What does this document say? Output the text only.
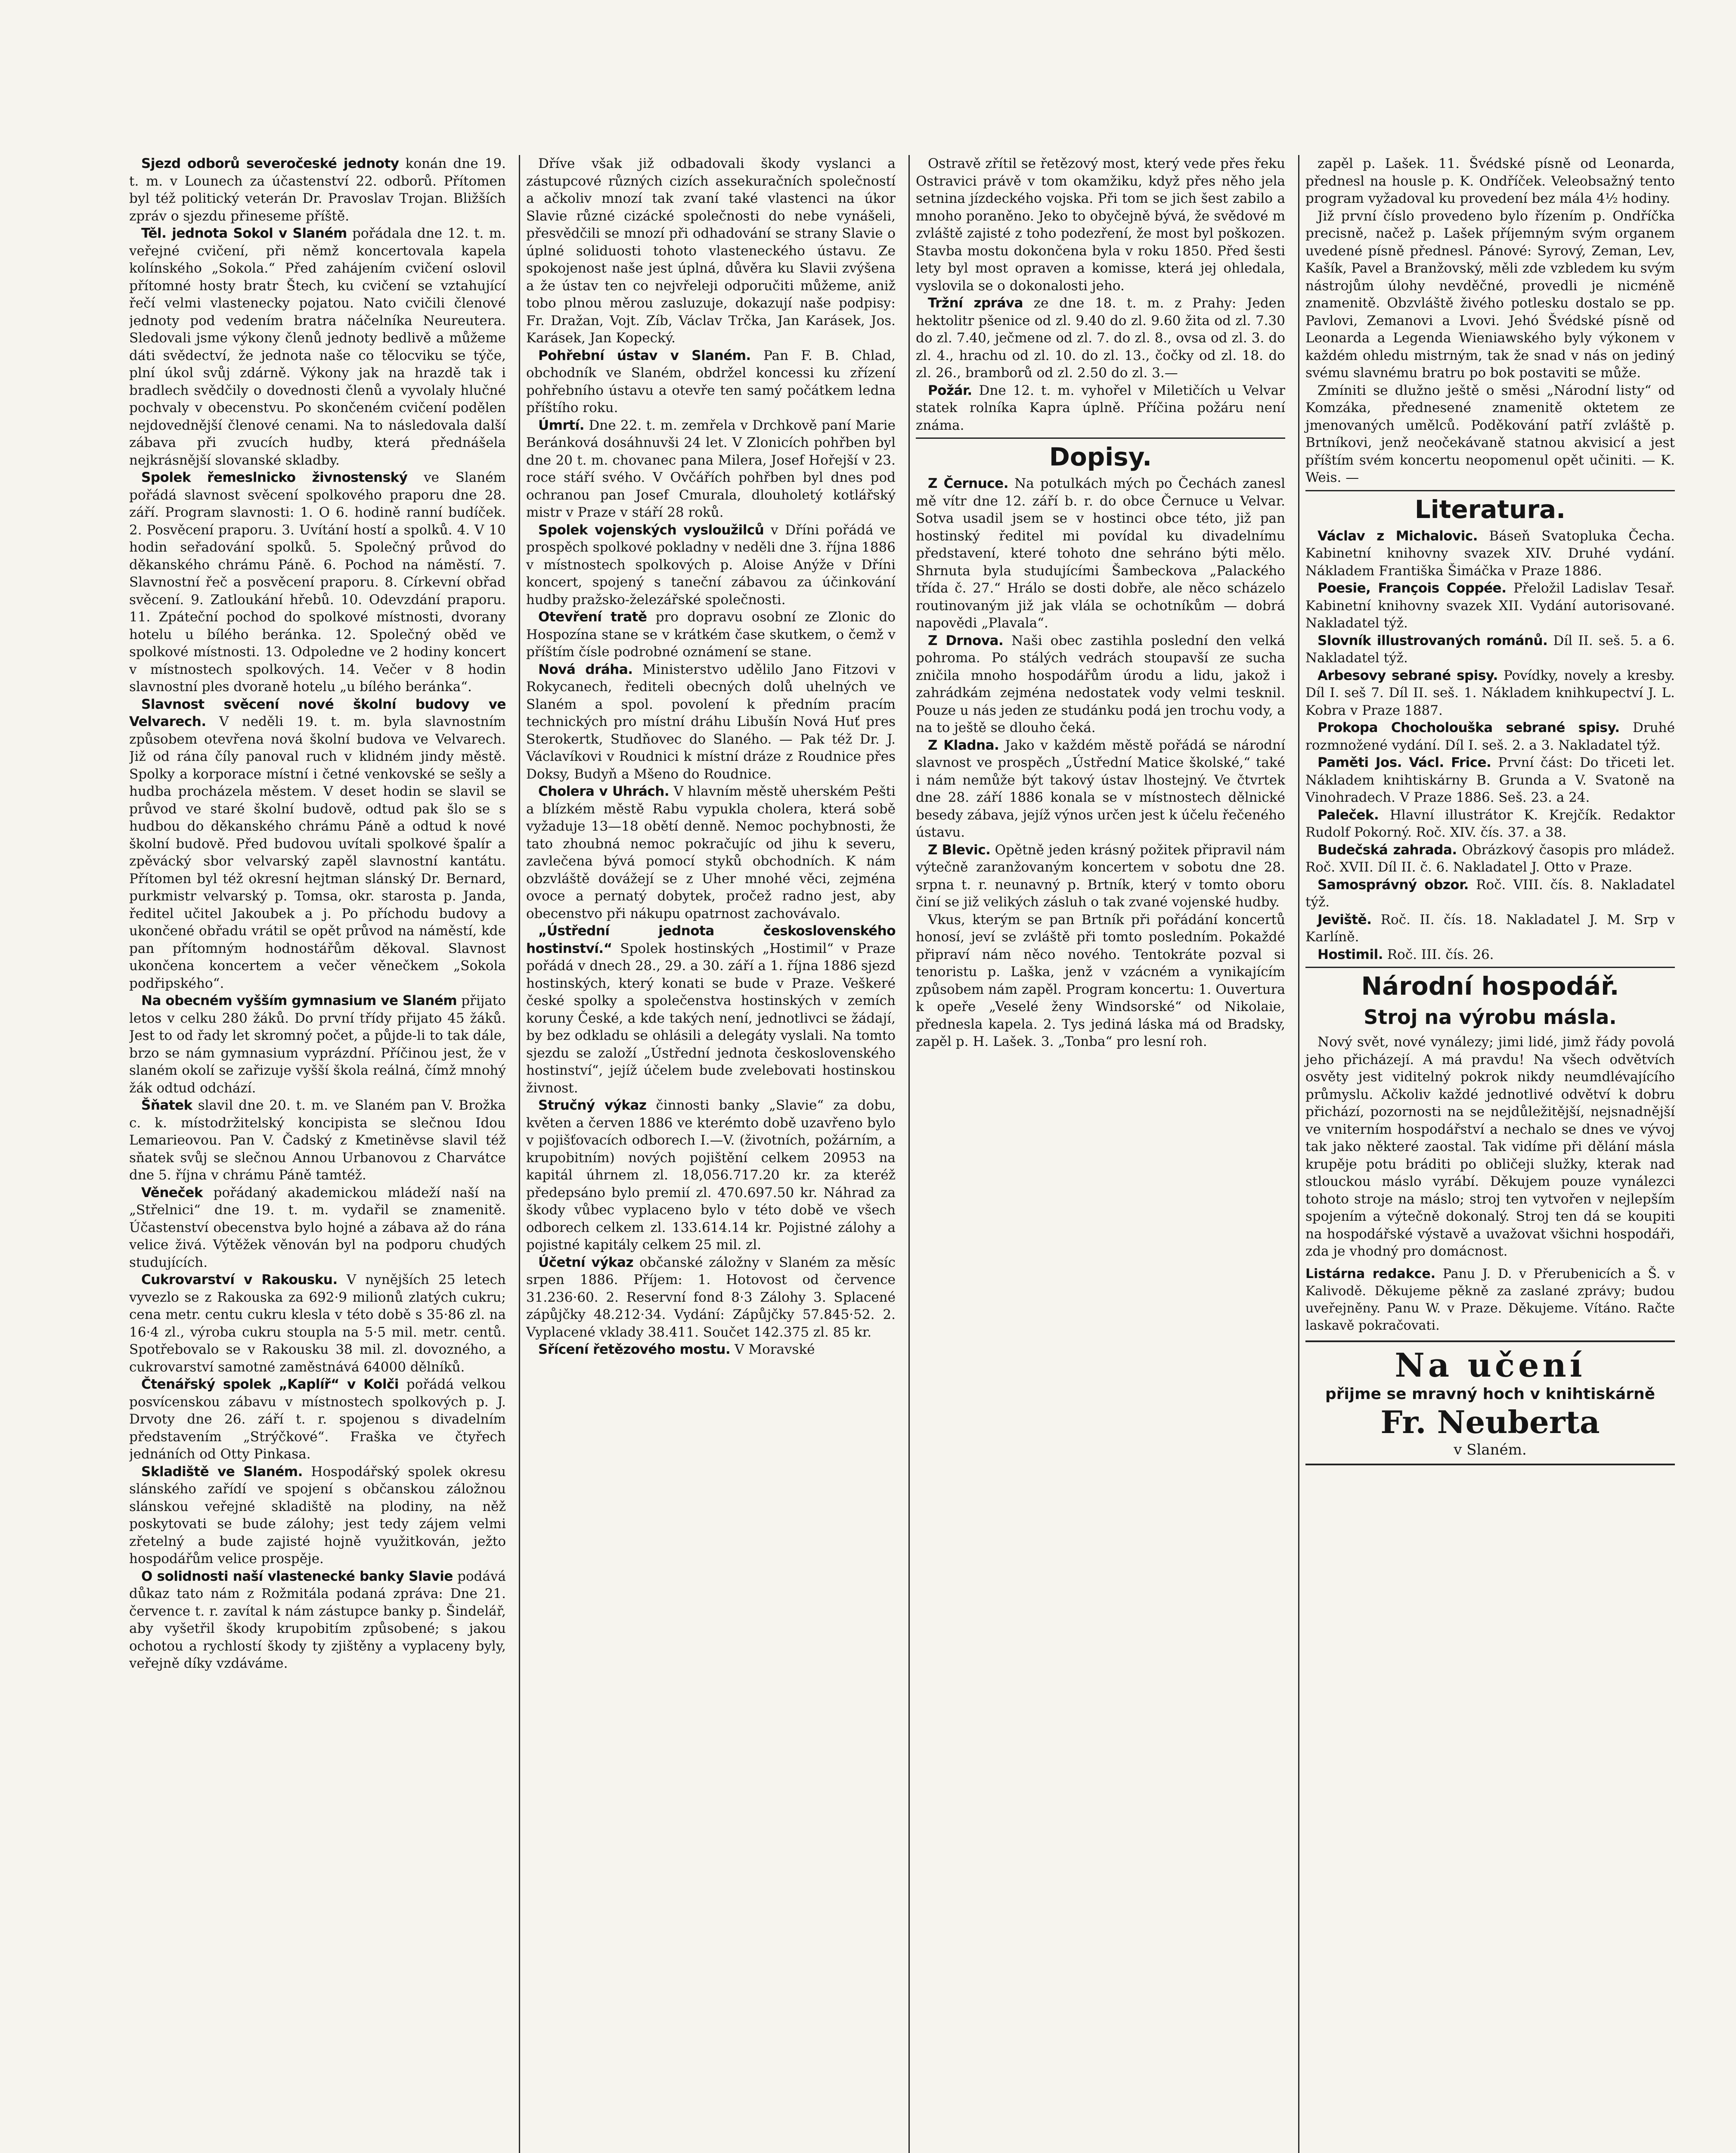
Sjezd odborů severočeské jednoty konán dne 19. t. m. v Lounech za účastenství 22. odborů. Přítomen byl též politický veterán Dr. Pravoslav Trojan. Bližších zpráv o sjezdu přineseme příště.

Těl. jednota Sokol v Slaném pořádala dne 12. t. m. veřejné cvičení, při němž koncertovala kapela kolínského „Sokola.“ Před zahájením cvičení oslovil přítomné hosty bratr Štech, ku cvičení se vztahující řečí velmi vlastenecky pojatou. Nato cvičili členové jednoty pod vedením bratra náčelníka Neureutera. Sledovali jsme výkony členů jednoty bedlivě a můžeme dáti svědectví, že jednota naše co tělocviku se týče, plní úkol svůj zdárně. Výkony jak na hrazdě tak i bradlech svědčily o dovednosti členů a vyvolaly hlučné pochvaly v obecenstvu. Po skončeném cvičení podělen nejdovednější členové cenami. Na to následovala další zábava při zvucích hudby, která přednášela nejkrásnější slovanské skladby.

Spolek řemeslnicko živnostenský ve Slaném pořádá slavnost svěcení spolkového praporu dne 28. září. Program slavnosti: 1. O 6. hodině ranní budíček. 2. Posvěcení praporu. 3. Uvítání hostí a spolků. 4. V 10 hodin seřadování spolků. 5. Společný průvod do děkanského chrámu Páně. 6. Pochod na náměstí. 7. Slavnostní řeč a posvěcení praporu. 8. Církevní obřad svěcení. 9. Zatloukání hřebů. 10. Odevzdání praporu. 11. Zpáteční pochod do spolkové místnosti, dvorany hotelu u bílého beránka. 12. Společný oběd ve spolkové místnosti. 13. Odpoledne ve 2 hodiny koncert v místnostech spolkových. 14. Večer v 8 hodin slavnostní ples dvoraně hotelu „u bílého beránka“.

Slavnost svěcení nové školní budovy ve Velvarech. V neděli 19. t. m. byla slavnostním způsobem otevřena nová školní budova ve Velvarech. Již od rána číly panoval ruch v klidném jindy městě. Spolky a korporace místní i četné venkovské se sešly a hudba procházela městem. V deset hodin se slavil se průvod ve staré školní budově, odtud pak šlo se s hudbou do děkanského chrámu Páně a odtud k nové školní budově. Před budovou uvítali spolkové špalír a zpěvácký sbor velvarský zapěl slavnostní kantátu. Přítomen byl též okresní hejtman slánský Dr. Bernard, purkmistr velvarský p. Tomsa, okr. starosta p. Janda, ředitel učitel Jakoubek a j. Po příchodu budovy a ukončené obřadu vrátil se opět průvod na náměstí, kde pan přítomným hodnostářům děkoval. Slavnost ukončena koncertem a večer věnečkem „Sokola podřipského“.

Na obecném vyšším gymnasium ve Slaném přijato letos v celku 280 žáků. Do první třídy přijato 45 žáků. Jest to od řady let skromný počet, a půjde-li to tak dále, brzo se nám gymnasium vyprázdní. Příčinou jest, že v slaném okolí se zařizuje vyšší škola reálná, čímž mnohý žák odtud odchází.

Šňatek slavil dne 20. t. m. ve Slaném pan V. Brožka c. k. místodržitelský koncipista se slečnou Idou Lemarieovou. Pan V. Čadský z Kmetiněvse slavil též sňatek svůj se slečnou Annou Urbanovou z Charvátce dne 5. října v chrámu Páně tamtéž.

Věneček pořádaný akademickou mládeží naší na „Střelnici“ dne 19. t. m. vydařil se znamenitě. Účastenství obecenstva bylo hojné a zábava až do rána velice živá. Výtěžek věnován byl na podporu chudých studujících.

Cukrovarství v Rakousku. V nynějších 25 letech vyvezlo se z Rakouska za 692·9 milionů zlatých cukru; cena metr. centu cukru klesla v této době s 35·86 zl. na 16·4 zl., výroba cukru stoupla na 5·5 mil. metr. centů. Spotřebovalo se v Rakousku 38 mil. zl. dovozného, a cukrovarství samotné zaměstnává 64000 dělníků.

Čtenářský spolek „Kaplíř“ v Kolči pořádá velkou posvícenskou zábavu v místnostech spolkových p. J. Drvoty dne 26. září t. r. spojenou s divadelním představením „Strýčkové“. Fraška ve čtyřech jednáních od Otty Pinkasa.

Skladiště ve Slaném. Hospodářský spolek okresu slánského zařídí ve spojení s občanskou záložnou slánskou veřejné skladiště na plodiny, na něž poskytovati se bude zálohy; jest tedy zájem velmi zřetelný a bude zajisté hojně využitkován, ježto hospodářům velice prospěje.

O solidnosti naší vlastenecké banky Slavie podává důkaz tato nám z Rožmitála podaná zpráva: Dne 21. července t. r. zavítal k nám zástupce banky p. Šindelář, aby vyšetřil škody krupobitím způsobené; s jakou ochotou a rychlostí škody ty zjištěny a vyplaceny byly, veřejně díky vzdáváme.

Dříve však již odbadovali škody vyslanci a zástupcové různých cizích assekuračních společností a ačkoliv mnozí tak zvaní také vlastenci na úkor Slavie různé cizácké společnosti do nebe vynášeli, přesvědčili se mnozí při odhadování se strany Slavie o úplné soliduosti tohoto vlasteneckého ústavu. Ze spokojenost naše jest úplná, důvěra ku Slavii zvýšena a že ústav ten co nejvřeleji odporučiti můžeme, aniž tobo plnou měrou zasluzuje, dokazují naše podpisy: Fr. Dražan, Vojt. Zíb, Václav Trčka, Jan Karásek, Jos. Karásek, Jan Kopecký.

Pohřební ústav v Slaném. Pan F. B. Chlad, obchodník ve Slaném, obdržel koncessi ku zřízení pohřebního ústavu a otevře ten samý počátkem ledna příštího roku.

Úmrtí. Dne 22. t. m. zemřela v Drchkově paní Marie Beránková dosáhnuvši 24 let. V Zlonicích pohřben byl dne 20 t. m. chovanec pana Milera, Josef Hořejší v 23. roce stáří svého. V Ovčářích pohřben byl dnes pod ochranou pan Josef Cmurala, dlouholetý kotlářský mistr v Praze v stáří 28 roků.

Spolek vojenských vysloužilců v Dříni pořádá ve prospěch spolkové pokladny v neděli dne 3. října 1886 v místnostech spolkových p. Aloise Anýže v Dříni koncert, spojený s taneční zábavou za účinkování hudby pražsko-železářské společnosti.

Otevření tratě pro dopravu osobní ze Zlonic do Hospozína stane se v krátkém čase skutkem, o čemž v příštím čísle podrobné oznámení se stane.

Nová dráha. Ministerstvo udělilo Jano Fitzovi v Rokycanech, řediteli obecných dolů uhelných ve Slaném a spol. povolení k předním pracím technických pro místní dráhu Libušín Nová Huť pres Sterokertk, Studňovec do Slaného. — Pak též Dr. J. Václavíkovi v Roudnici k místní dráze z Roudnice přes Doksy, Budyň a Mšeno do Roudnice.

Cholera v Uhrách. V hlavním městě uherském Pešti a blízkém městě Rabu vypukla cholera, která sobě vyžaduje 13—18 obětí denně. Nemoc pochybnosti, že tato zhoubná nemoc pokračujíc od jihu k severu, zavlečena bývá pomocí styků obchodních. K nám obzvláště dovážejí se z Uher mnohé věci, zejména ovoce a pernatý dobytek, pročež radno jest, aby obecenstvo při nákupu opatrnost zachovávalo.

„Ústřední jednota československého hostinství.“ Spolek hostinských „Hostimil“ v Praze pořádá v dnech 28., 29. a 30. září a 1. října 1886 sjezd hostinských, který konati se bude v Praze. Veškeré české spolky a společenstva hostinských v zemích koruny České, a kde takých není, jednotlivci se žádají, by bez odkladu se ohlásili a delegáty vyslali. Na tomto sjezdu se založí „Ústřední jednota československého hostinství“, jejíž účelem bude zvelebovati hostinskou živnost.

Stručný výkaz činnosti banky „Slavie“ za dobu, květen a červen 1886 ve kterémto době uzavřeno bylo v pojišťovacích odborech I.—V. (životních, požárním, a krupobitním) nových pojištění celkem 20953 na kapitál úhrnem zl. 18,056.717.20 kr. za kteréž předepsáno bylo premií zl. 470.697.50 kr. Náhrad za škody vůbec vyplaceno bylo v této době ve všech odborech celkem zl. 133.614.14 kr. Pojistné zálohy a pojistné kapitály celkem 25 mil. zl.

Účetní výkaz občanské záložny v Slaném za měsíc srpen 1886. Příjem: 1. Hotovost od července 31.236·60. 2. Reservní fond 8·3 Zálohy 3. Splacené zápůjčky 48.212·34. Vydání: Zápůjčky 57.845·52. 2. Vyplacené vklady 38.411. Součet 142.375 zl. 85 kr.

Sřícení řetězového mostu. V Moravské

Ostravě zřítil se řetězový most, který vede přes řeku Ostravici právě v tom okamžiku, když přes něho jela setnina jízdeckého vojska. Při tom se jich šest zabilo a mnoho poraněno. Jeko to obyčejně bývá, že svědové m zvláště zajisté z toho podezření, že most byl poškozen. Stavba mostu dokončena byla v roku 1850. Před šesti lety byl most opraven a komisse, která jej ohledala, vyslovila se o dokonalosti jeho.

Tržní zpráva ze dne 18. t. m. z Prahy: Jeden hektolitr pšenice od zl. 9.40 do zl. 9.60 žita od zl. 7.30 do zl. 7.40, ječmene od zl. 7. do zl. 8., ovsa od zl. 3. do zl. 4., hrachu od zl. 10. do zl. 13., čočky od zl. 18. do zl. 26., bramborů od zl. 2.50 do zl. 3.—

Požár. Dne 12. t. m. vyhořel v Miletičích u Velvar statek rolníka Kapra úplně. Příčina požáru není známa.

Dopisy.

Z Černuce. Na potulkách mých po Čechách zanesl mě vítr dne 12. září b. r. do obce Černuce u Velvar. Sotva usadil jsem se v hostinci obce této, již pan hostinský ředitel mi povídal ku divadelnímu představení, které tohoto dne sehráno býti mělo. Shrnuta byla studujícími Šambeckova „Palackého třída č. 27.“ Hrálo se dosti dobře, ale něco scházelo routinovaným již jak vlála se ochotníkům — dobrá napovědi „Plavala“.

Z Drnova. Naši obec zastihla poslední den velká pohroma. Po stálých vedrách stoupavší ze sucha zničila mnoho hospodářům úrodu a lidu, jakož i zahrádkám zejména nedostatek vody velmi tesknil. Pouze u nás jeden ze studánku podá jen trochu vody, a na to ještě se dlouho čeká.

Z Kladna. Jako v každém městě pořádá se národní slavnost ve prospěch „Ústřední Matice školské,“ také i nám nemůže být takový ústav lhostejný. Ve čtvrtek dne 28. září 1886 konala se v místnostech dělnické besedy zábava, jejíž výnos určen jest k účelu řečeného ústavu.

Z Blevic. Opětně jeden krásný požitek připravil nám výtečně zaranžovaným koncertem v sobotu dne 28. srpna t. r. neunavný p. Brtník, který v tomto oboru činí se již velikých zásluh o tak zvané vojenské hudby.

Vkus, kterým se pan Brtník při pořádání koncertů honosí, jeví se zvláště při tomto posledním. Pokaždé připraví nám něco nového. Tentokráte pozval si tenoristu p. Laška, jenž v vzácném a vynikajícím způsobem nám zapěl. Program koncertu: 1. Ouvertura k opeře „Veselé ženy Windsorské“ od Nikolaie, přednesla kapela. 2. Tys jediná láska má od Bradsky, zapěl p. H. Lašek. 3. „Tonba“ pro lesní roh.

zapěl p. Lašek. 11. Švédské písně od Leonarda, přednesl na housle p. K. Ondříček. Veleobsažný tento program vyžadoval ku provedení bez mála 4½ hodiny.

Již první číslo provedeno bylo řízením p. Ondříčka precisně, načež p. Lašek příjemným svým organem uvedené písně přednesl. Pánové: Syrový, Zeman, Lev, Kašík, Pavel a Branžovský, měli zde vzbledem ku svým nástrojům úlohy nevděčné, provedli je nicméně znamenitě. Obzvláště živého potlesku dostalo se pp. Pavlovi, Zemanovi a Lvovi. Jehó Švédské písně od Leonarda a Legenda Wieniawského byly výkonem v každém ohledu mistrným, tak že snad v nás on jediný svému slavnému bratru po bok postaviti se může.

Zmíniti se dlužno ještě o směsi „Národní listy“ od Komzáka, přednesené znamenitě oktetem ze jmenovaných umělců. Poděkování patří zvláště p. Brtníkovi, jenž neočekávaně statnou akvisicí a jest příštím svém koncertu neopomenul opět učiniti. — K. Weis. —

Literatura.

Václav z Michalovic. Báseň Svatopluka Čecha. Kabinetní knihovny svazek XIV. Druhé vydání. Nákladem Františka Šimáčka v Praze 1886.

Poesie, François Coppée. Přeložil Ladislav Tesař. Kabinetní knihovny svazek XII. Vydání autorisované. Nakladatel týž.

Slovník illustrovaných románů. Díl II. seš. 5. a 6. Nakladatel týž.

Arbesovy sebrané spisy. Povídky, novely a kresby. Díl I. seš 7. Díl II. seš. 1. Nákladem knihkupectví J. L. Kobra v Praze 1887.

Prokopa Chocholouška sebrané spisy. Druhé rozmnožené vydání. Díl I. seš. 2. a 3. Nakladatel týž.

Paměti Jos. Václ. Frice. První část: Do třiceti let. Nákladem knihtiskárny B. Grunda a V. Svatoně na Vinohradech. V Praze 1886. Seš. 23. a 24.

Paleček. Hlavní illustrátor K. Krejčík. Redaktor Rudolf Pokorný. Roč. XIV. čís. 37. a 38.

Budečská zahrada. Obrázkový časopis pro mládež. Roč. XVII. Díl II. č. 6. Nakladatel J. Otto v Praze.

Samosprávný obzor. Roč. VIII. čís. 8. Nakladatel týž.

Jeviště. Roč. II. čís. 18. Nakladatel J. M. Srp v Karlíně.

Hostimil. Roč. III. čís. 26.

Národní hospodář.
Stroj na výrobu másla.

Nový svět, nové vynálezy; jimi lidé, jimž řády povolá jeho přicházejí. A má pravdu! Na všech odvětvích osvěty jest viditelný pokrok nikdy neumdlévajícího průmyslu. Ačkoliv každé jednotlivé odvětví k dobru přichází, pozornosti na se nejdůležitější, nejsnadnější ve vniterním hospodářství a nechalo se dnes ve vývoj tak jako některé zaostal. Tak vidíme při dělání másla krupěje potu bráditi po obličeji služky, kterak nad stlouckou máslo vyrábí. Děkujem pouze vynálezci tohoto stroje na máslo; stroj ten vytvořen v nejlepším spojením a výtečně dokonalý. Stroj ten dá se koupiti na hospodářské výstavě a uvažovat všichni hospodáři, zda je vhodný pro domácnost.

Listárna redakce. Panu J. D. v Přerubenicích a Š. v Kalivodě. Děkujeme pěkně za zaslané zprávy; budou uveřejněny. Panu W. v Praze. Děkujeme. Vítáno. Račte laskavě pokračovati.
Na učení
přijme se mravný hoch v knihtiskárně
Fr. Neuberta
v Slaném.
